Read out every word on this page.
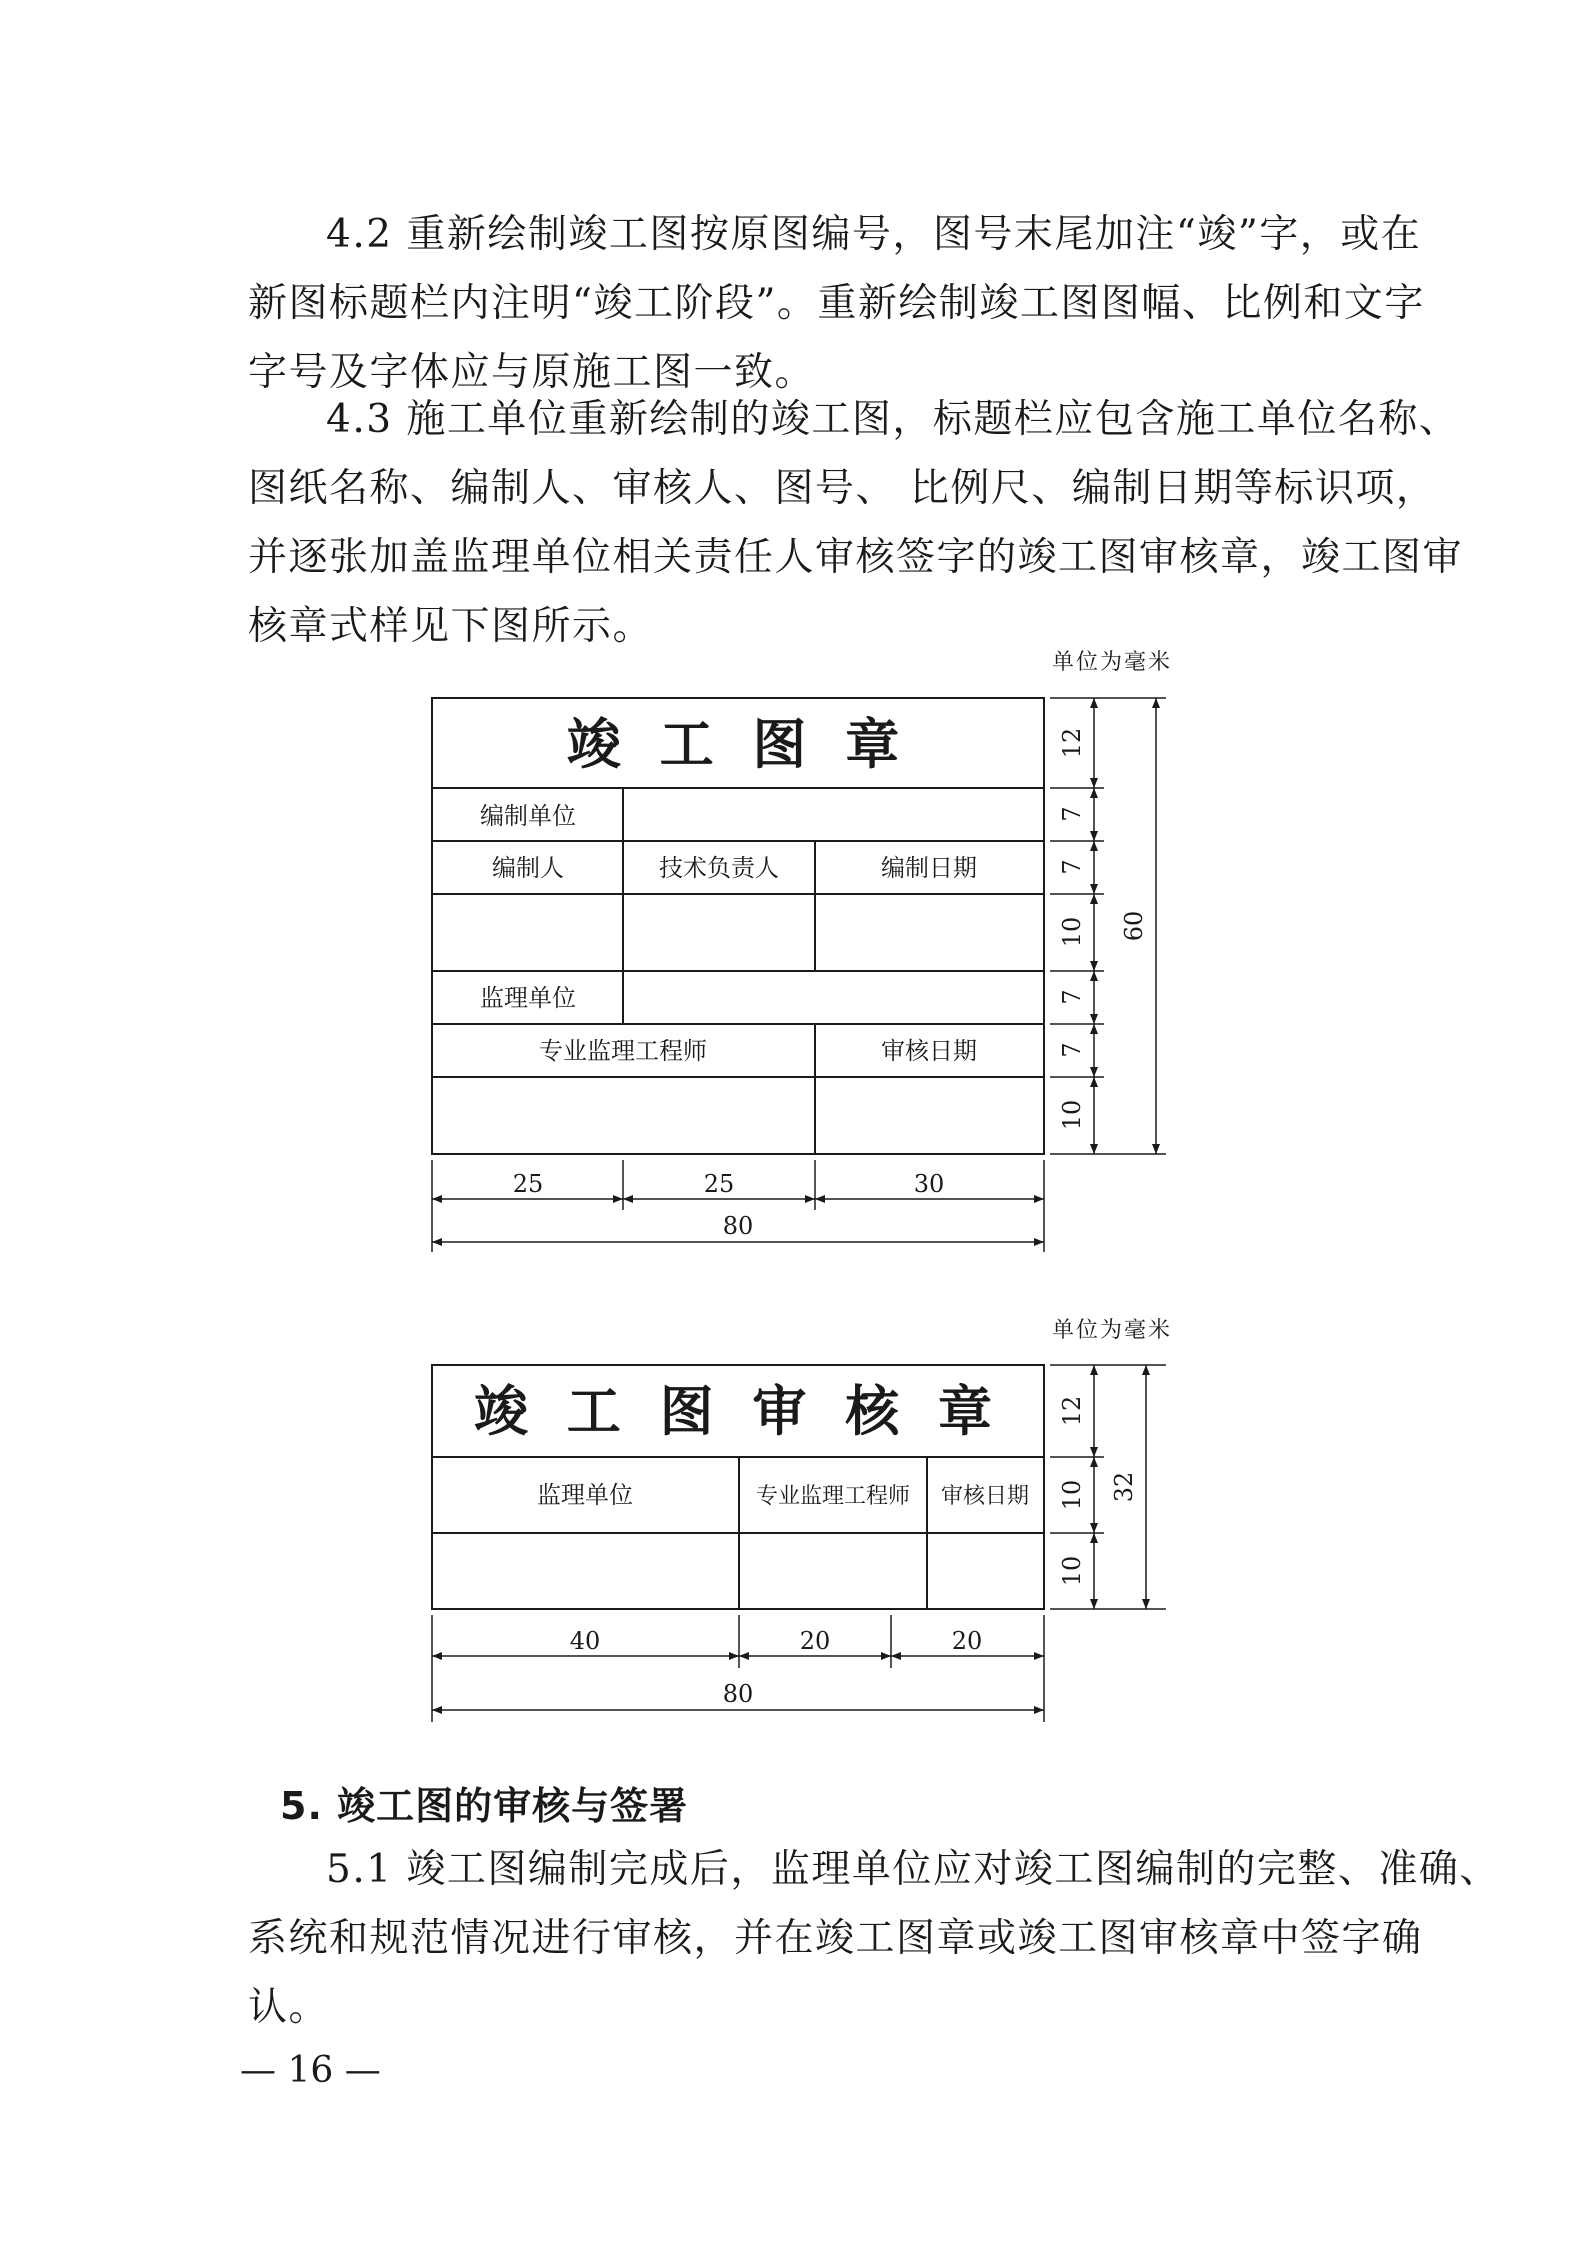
4.2 重新绘制竣工图按原图编号，图号末尾加注“竣”字，或在
新图标题栏内注明“竣工阶段”。重新绘制竣工图图幅、比例和文字
字号及字体应与原施工图一致。
4.3 施工单位重新绘制的竣工图，标题栏应包含施工单位名称、
图纸名称、编制人、审核人、图号、 比例尺、编制日期等标识项，
并逐张加盖监理单位相关责任人审核签字的竣工图审核章，竣工图审
核章式样见下图所示。
单位为毫米
竣 工 图 章
编制单位
编制人	技术负责人	编制日期
监理单位
专业监理工程师	审核日期
12
7
7
10
7
7
10
60
25	25	30
80
单位为毫米
竣 工 图 审 核 章
监理单位	专业监理工程师 审核日期
12
10
10
32
40	20	20
80
5. 竣工图的审核与签署
5.1 竣工图编制完成后，监理单位应对竣工图编制的完整、准确、
系统和规范情况进行审核，并在竣工图章或竣工图审核章中签字确
认。
— 16 —
